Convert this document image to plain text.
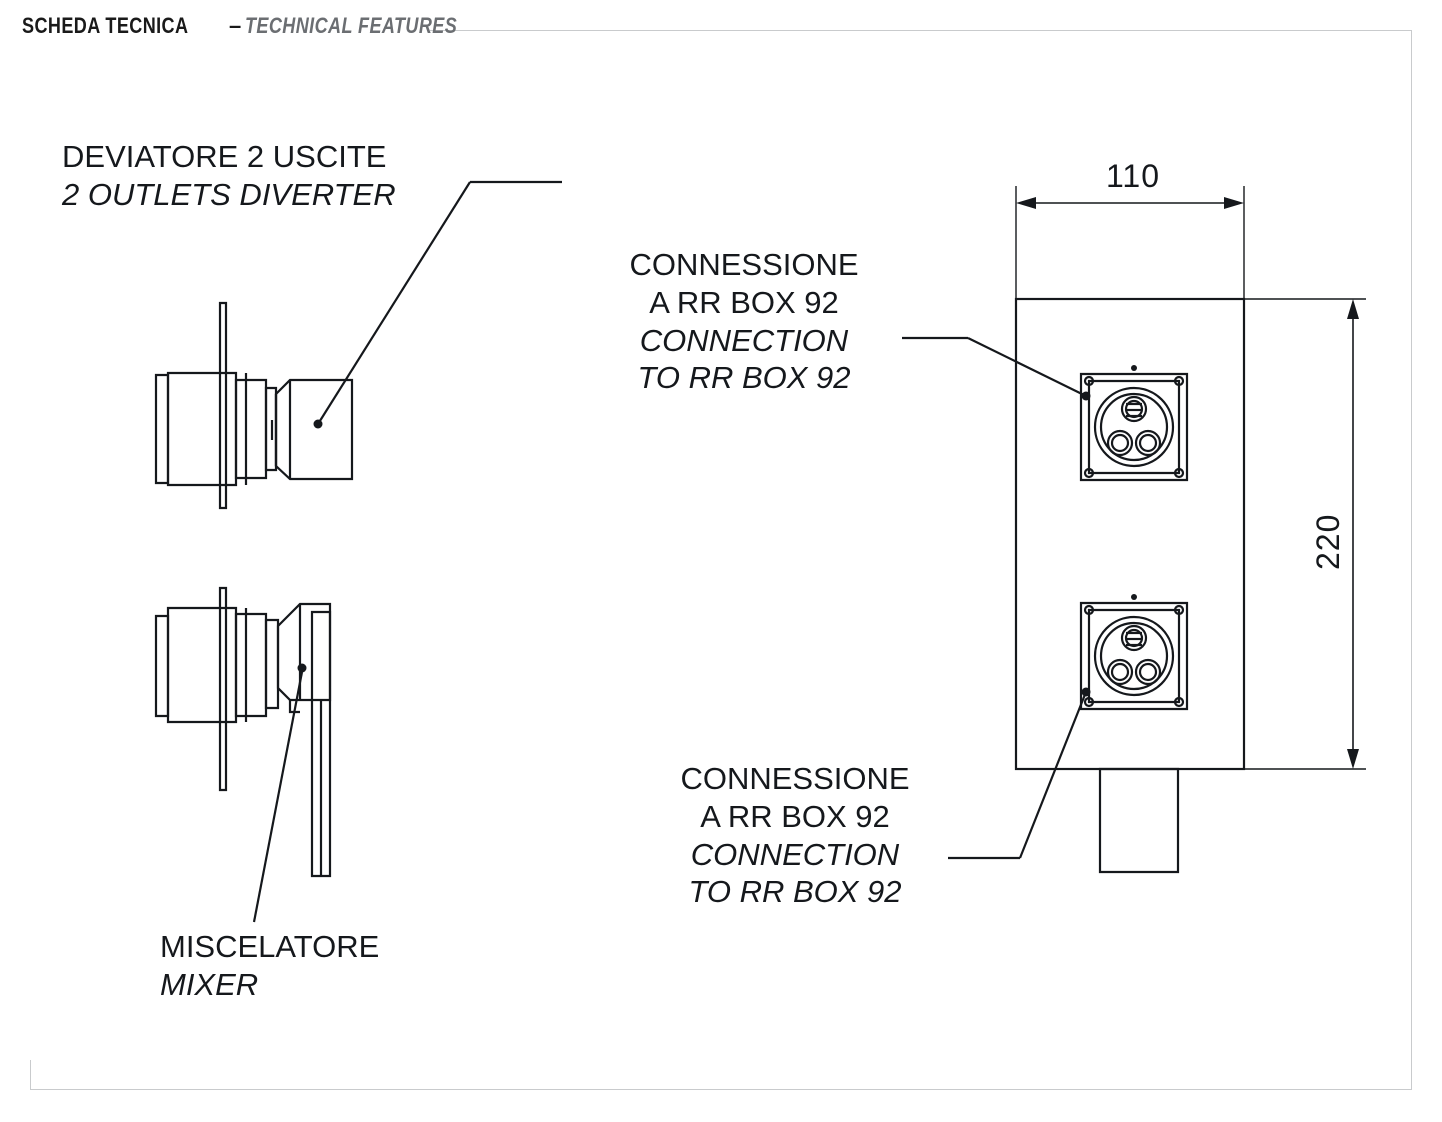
SCHEDA TECNICA – TECHNICAL FEATURES
DEVIATORE 2 USCITE
2 OUTLETS DIVERTER
MISCELATORE
MIXER
CONNESSIONE
A RR BOX 92
CONNECTION
TO RR BOX 92
CONNESSIONE
A RR BOX 92
CONNECTION
TO RR BOX 92
110
220
